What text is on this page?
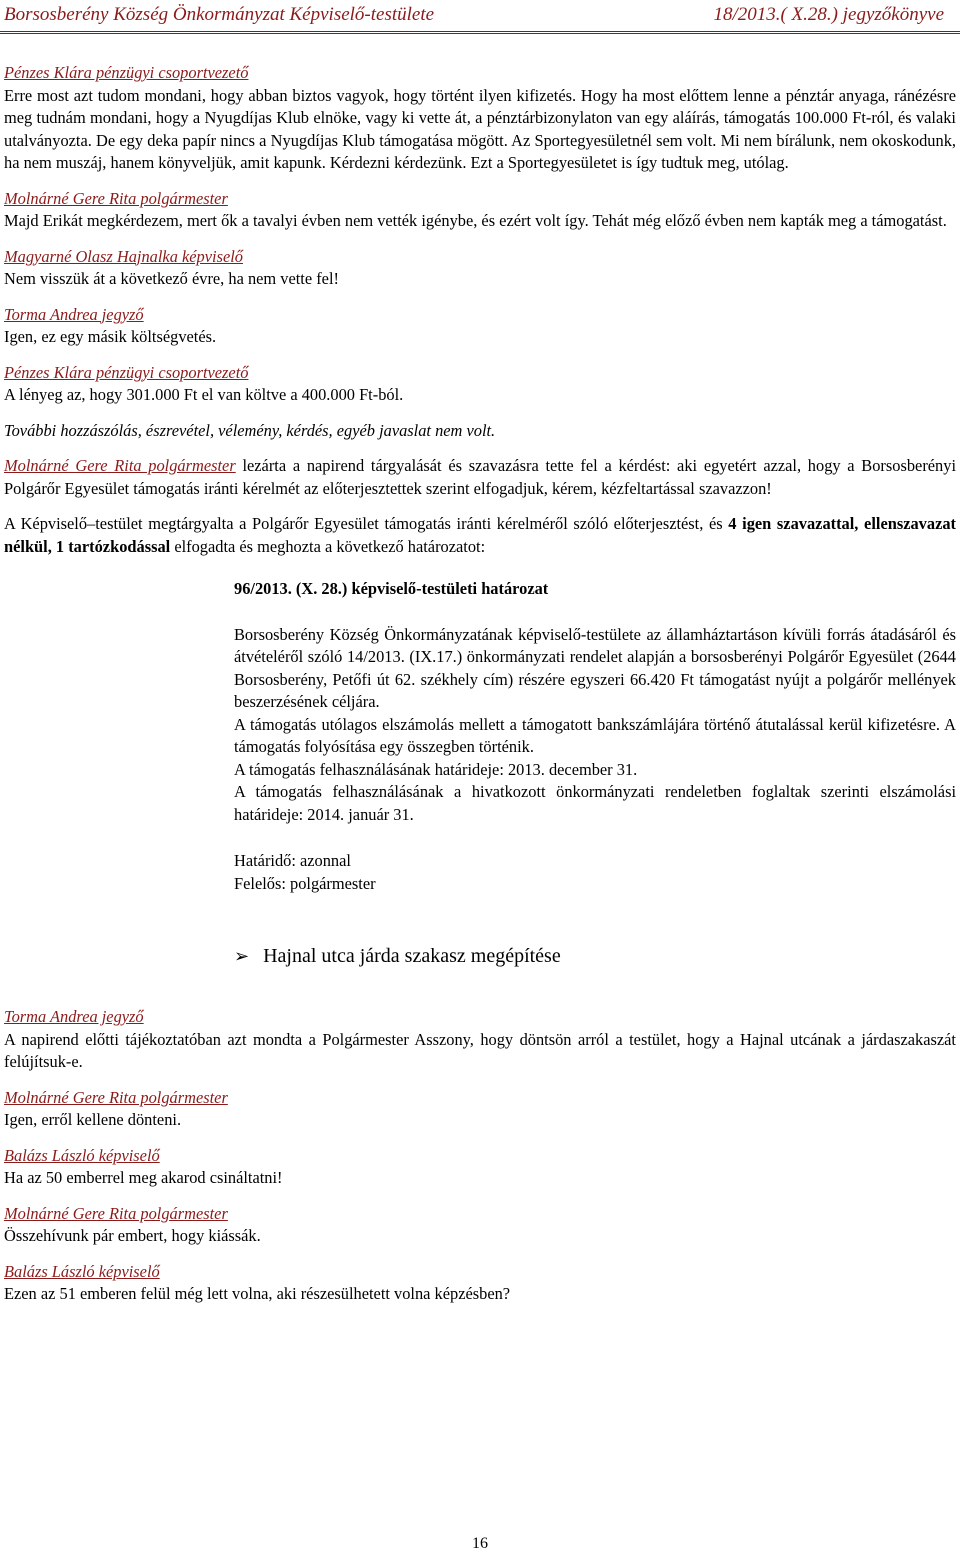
Borsosberény Község Önkormányzat Képviselő-testülete	18/2013.( X.28.) jegyzőkönyve

Pénzes Klára pénzügyi csoportvezető

Erre most azt tudom mondani, hogy abban biztos vagyok, hogy történt ilyen kifizetés. Hogy ha most előttem lenne a pénztár anyaga, ránézésre meg tudnám mondani, hogy a Nyugdíjas Klub elnöke, vagy ki vette át, a pénztárbizonylaton van egy aláírás, támogatás 100.000 Ft-ról, és valaki utalványozta. De egy deka papír nincs a Nyugdíjas Klub támogatása mögött. Az Sportegyesületnél sem volt. Mi nem bírálunk, nem okoskodunk, ha nem muszáj, hanem könyveljük, amit kapunk. Kérdezni kérdezünk. Ezt a Sportegyesületet is így tudtuk meg, utólag.

Molnárné Gere Rita polgármester

Majd Erikát megkérdezem, mert ők a tavalyi évben nem vették igénybe, és ezért volt így. Tehát még előző évben nem kapták meg a támogatást.

Magyarné Olasz Hajnalka képviselő

Nem visszük át a következő évre, ha nem vette fel!

Torma Andrea jegyző

Igen, ez egy másik költségvetés.

Pénzes Klára pénzügyi csoportvezető

A lényeg az, hogy 301.000 Ft el van költve a 400.000 Ft-ból.

További hozzászólás, észrevétel, vélemény, kérdés, egyéb javaslat nem volt.

Molnárné Gere Rita polgármester lezárta a napirend tárgyalását és szavazásra tette fel a kérdést: aki egyetért azzal, hogy a Borsosberényi Polgárőr Egyesület támogatás iránti kérelmét az előterjesztettek szerint elfogadjuk, kérem, kézfeltartással szavazzon!

A Képviselő–testület megtárgyalta a Polgárőr Egyesület támogatás iránti kérelméről szóló előterjesztést, és 4 igen szavazattal, ellenszavazat nélkül, 1 tartózkodással elfogadta és meghozta a következő határozatot:

96/2013. (X. 28.) képviselő-testületi határozat

Borsosberény Község Önkormányzatának képviselő-testülete az államháztartáson kívüli forrás átadásáról és átvételéről szóló 14/2013. (IX.17.) önkormányzati rendelet alapján a borsosberényi Polgárőr Egyesület (2644 Borsosberény, Petőfi út 62. székhely cím) részére egyszeri 66.420 Ft támogatást nyújt a polgárőr mellények beszerzésének céljára.

A támogatás utólagos elszámolás mellett a támogatott bankszámlájára történő átutalással kerül kifizetésre. A támogatás folyósítása egy összegben történik.

A támogatás felhasználásának határideje: 2013. december 31.

A támogatás felhasználásának a hivatkozott önkormányzati rendeletben foglaltak szerinti elszámolási határideje: 2014. január 31.

Határidő: azonnal

Felelős: polgármester

➢ Hajnal utca járda szakasz megépítése

Torma Andrea jegyző

A napirend előtti tájékoztatóban azt mondta a Polgármester Asszony, hogy döntsön arról a testület, hogy a Hajnal utcának a járdaszakaszát felújítsuk-e.

Molnárné Gere Rita polgármester

Igen, erről kellene dönteni.

Balázs László képviselő

Ha az 50 emberrel meg akarod csináltatni!

Molnárné Gere Rita polgármester

Összehívunk pár embert, hogy kiássák.

Balázs László képviselő

Ezen az 51 emberen felül még lett volna, aki részesülhetett volna képzésben?

16
